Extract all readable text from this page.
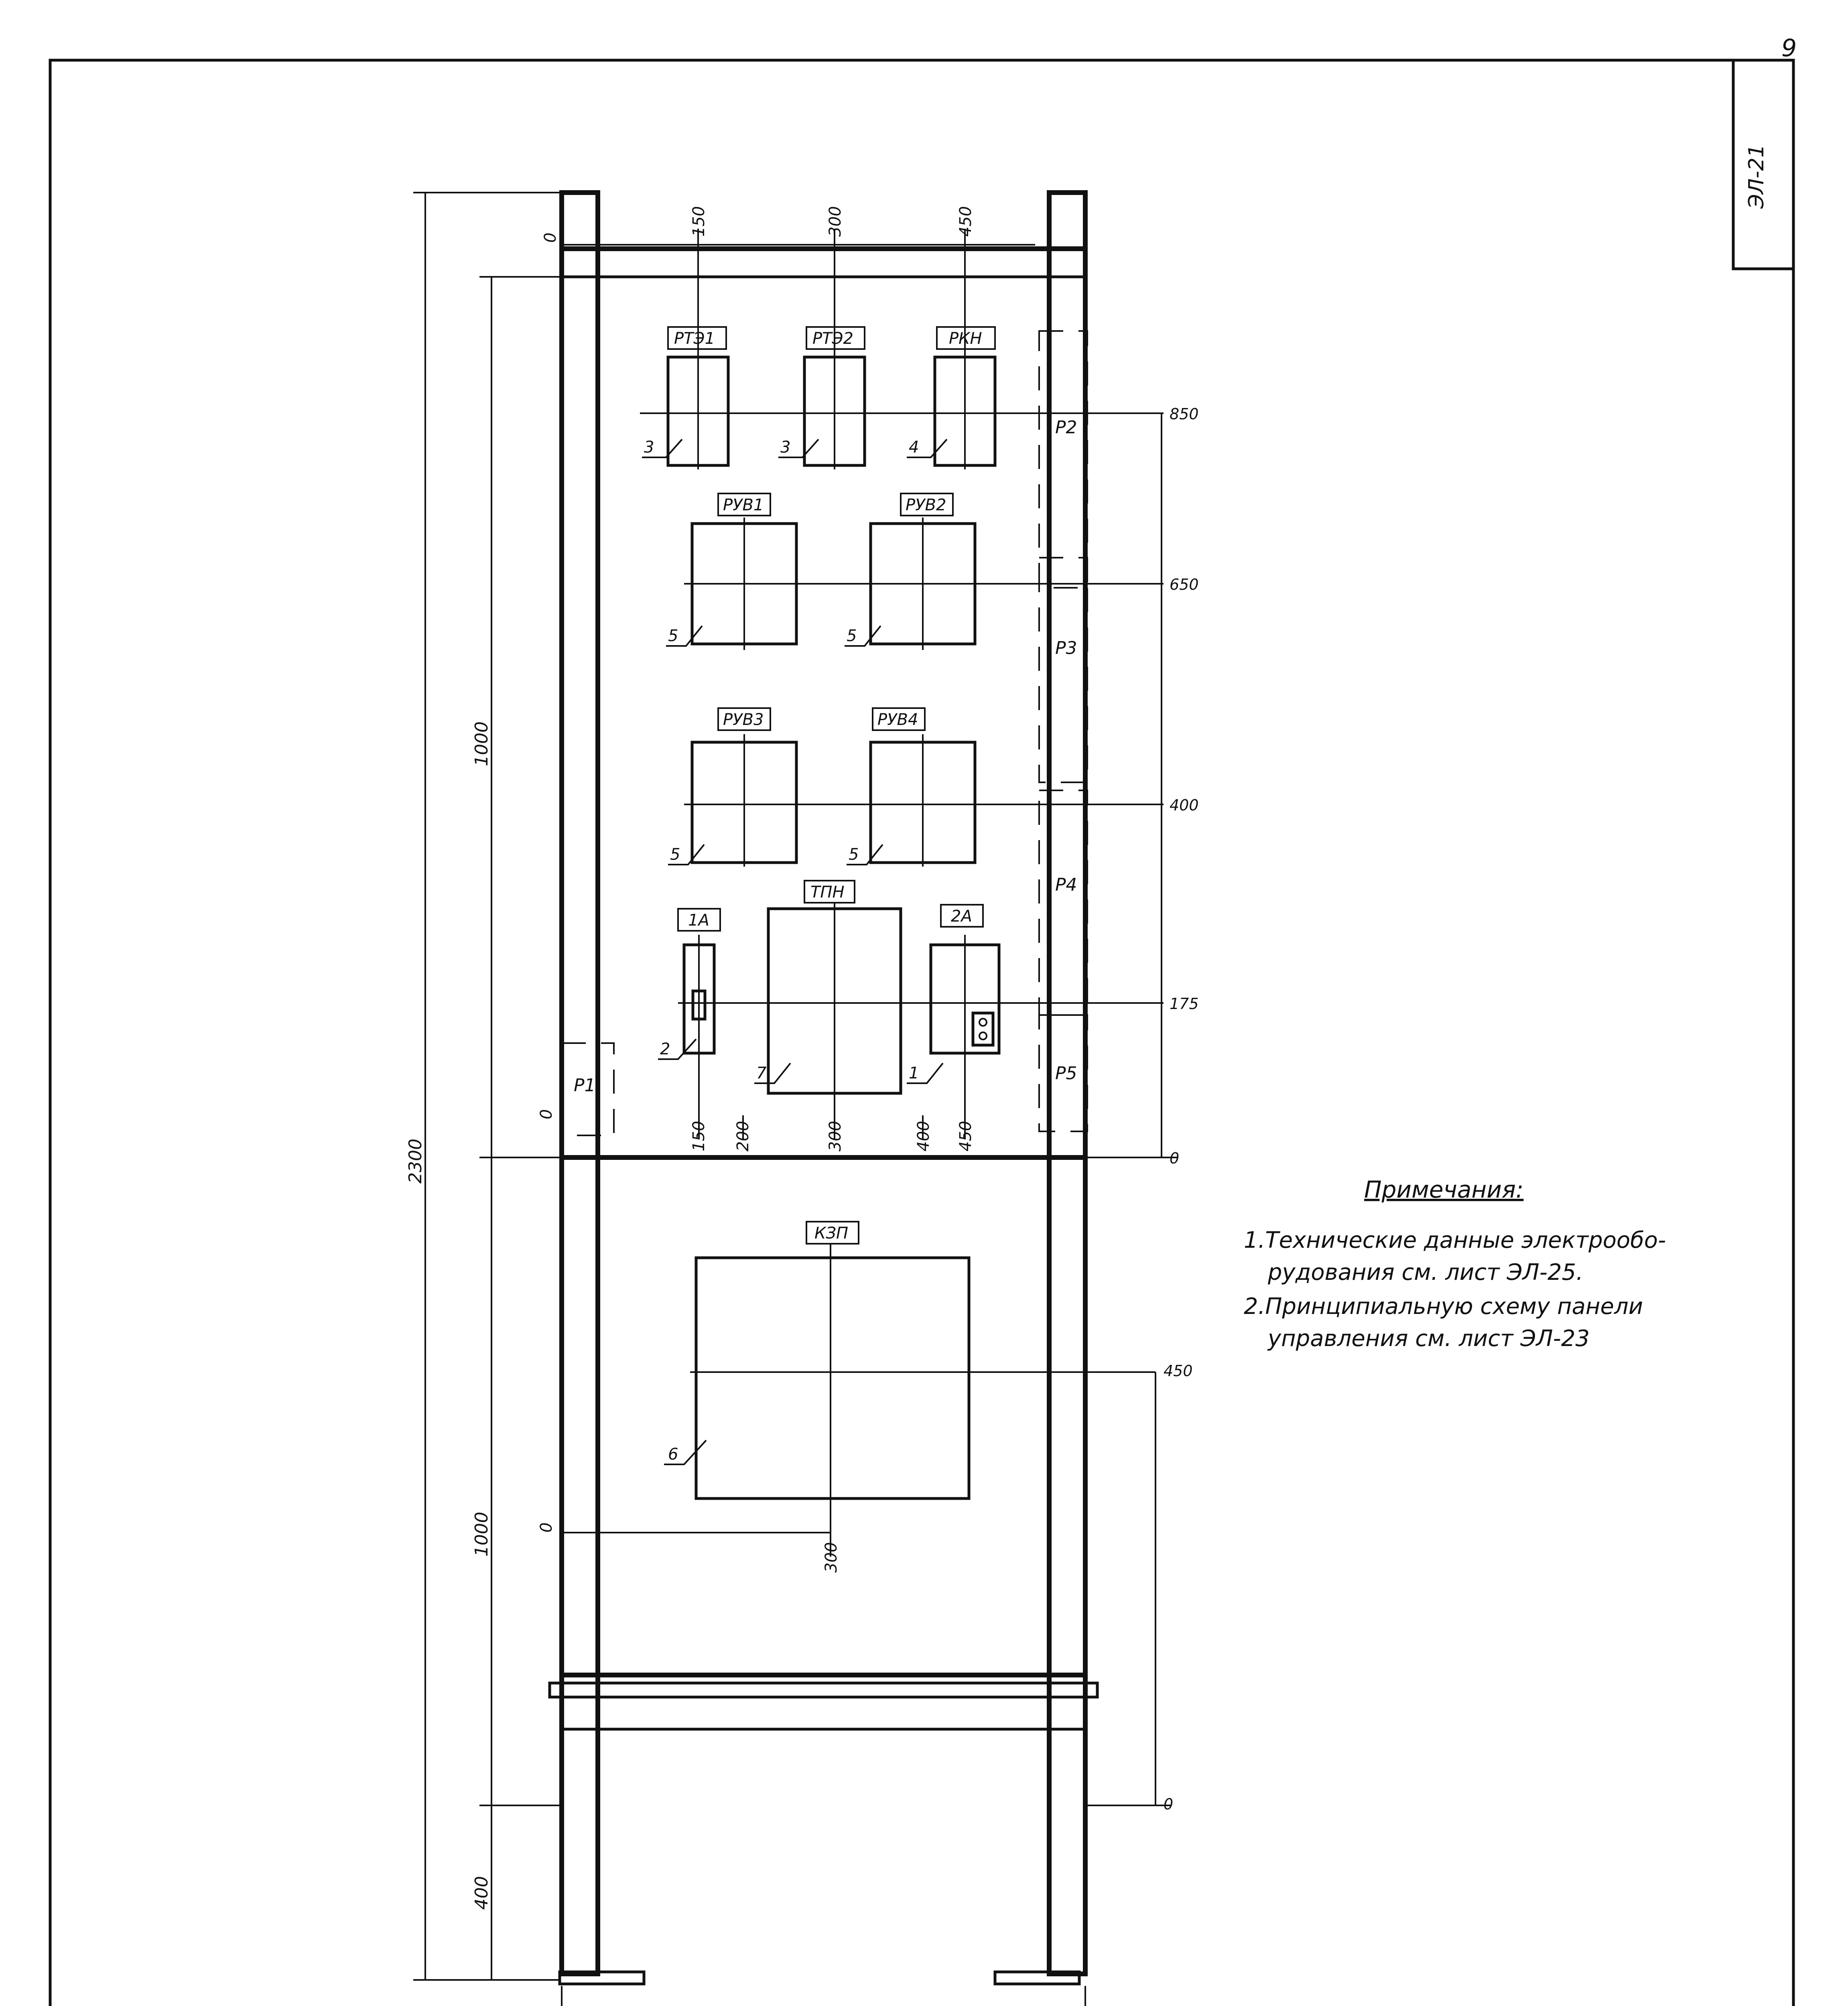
ЭЛ-21
9
Р2
Р3
Р4
Р5
Р1
РТЭ1	РТЭ2	РКН
РУВ1	РУВ2
РУВ3	РУВ4
ТПН
1А	2А
КЗП
0
150	300	450
0
150 200	300	400 450
850
650
400
175
0
450
0
0
300
2300
1000
1000
400
3	3	4
5	5
5	5
2
7	1
6
Примечания:
1.Технические данные электрообо-
рудования см. лист ЭЛ-25.
2.Принципиальную схему панели
управления см. лист ЭЛ-23
